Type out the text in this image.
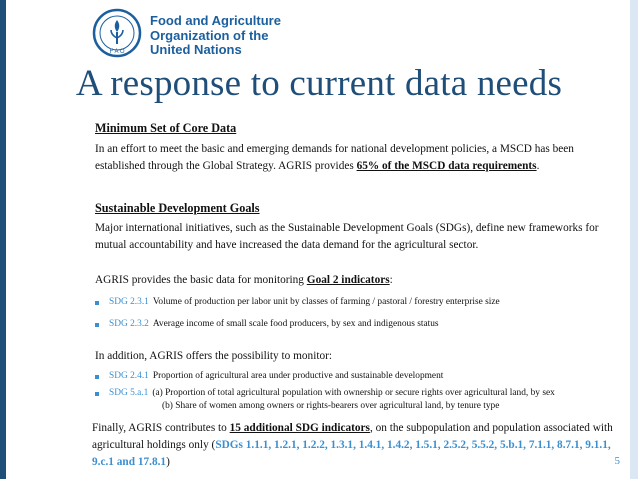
F A O
Food and Agriculture
Organization of the
United Nations
A response to current data needs
Minimum Set of Core Data
In an effort to meet the basic and emerging demands for national development policies, a MSCD has been established through the Global Strategy. AGRIS provides 65% of the MSCD data requirements.
Sustainable Development Goals
Major international initiatives, such as the Sustainable Development Goals (SDGs), define new frameworks for mutual accountability and have increased the data demand for the agricultural sector.
AGRIS provides the basic data for monitoring Goal 2 indicators:
SDG 2.3.1 Volume of production per labor unit by classes of farming / pastoral / forestry enterprise size
SDG 2.3.2 Average income of small scale food producers, by sex and indigenous status
In addition, AGRIS offers the possibility to monitor:
SDG 2.4.1 Proportion of agricultural area under productive and sustainable development
SDG 5.a.1 (a) Proportion of total agricultural population with ownership or secure rights over agricultural land, by sex
(b) Share of women among owners or rights-bearers over agricultural land, by tenure type
Finally, AGRIS contributes to 15 additional SDG indicators, on the subpopulation and population associated with agricultural holdings only (SDGs 1.1.1, 1.2.1, 1.2.2, 1.3.1, 1.4.1, 1.4.2, 1.5.1, 2.5.2, 5.5.2, 5.b.1, 7.1.1, 8.7.1, 9.1.1, 9.c.1 and 17.8.1)	5
